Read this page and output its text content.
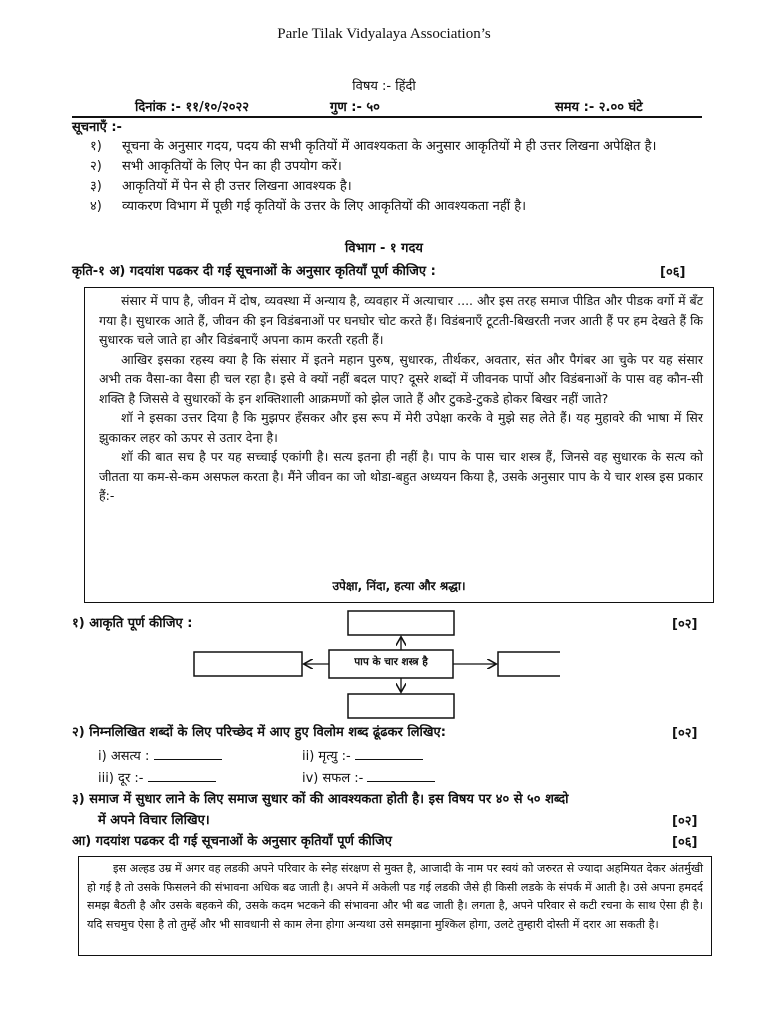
Parle Tilak Vidyalaya Association’s
विषय :- हिंदी
दिनांक :- ११/१०/२०२२	गुण :- ५०	समय :- २.०० घंटे
सूचनाएँ :-
१)	सूचना के अनुसार गदय, पदय की सभी कृतियों में आवश्यकता के अनुसार आकृतियों मे ही उत्तर लिखना अपेक्षित है।
२)	सभी आकृतियों के लिए पेन का ही उपयोग करें।
३)	आकृतियों में पेन से ही उत्तर लिखना आवश्यक है।
४)	व्याकरण विभाग में पूछी गई कृतियों के उत्तर के लिए आकृतियों की आवश्यकता नहीं है।
विभाग - १ गदय
कृति-१ अ) गदयांश पढकर दी गई सूचनाओं के अनुसार कृतियाँ पूर्ण कीजिए :	[०६]

संसार में पाप है, जीवन में दोष, व्यवस्था में अन्याय है, व्यवहार में अत्याचार .... और इस तरह समाज पीडित और पीडक वर्गो में बँट गया है। सुधारक आते हैं, जीवन की इन विडंबनाओं पर घनघोर चोट करते हैं। विडंबनाएँ टूटती-बिखरती नजर आती हैं पर हम देखते हैं कि सुधारक चले जाते हा और विडंबनाएँ अपना काम करती रहती हैं।

आखिर इसका रहस्य क्या है कि संसार में इतने महान पुरुष, सुधारक, तीर्थकर, अवतार, संत और पैगंबर आ चुके पर यह संसार अभी तक वैसा-का वैसा ही चल रहा है। इसे वे क्यों नहीं बदल पाए? दूसरे शब्दों में जीवनक पापों और विडंबनाओं के पास वह कौन-सी शक्ति है जिससे वे सुधारकों के इन शक्तिशाली आक्रमणों को झेल जाते हैं और टुकडे-टुकडे होकर बिखर नहीं जाते?

शॉ ने इसका उत्तर दिया है कि मुझपर हँसकर और इस रूप में मेरी उपेक्षा करके वे मुझे सह लेते हैं। यह मुहावरे की भाषा में सिर झुकाकर लहर को ऊपर से उतार देना है।

शॉ की बात सच है पर यह सच्चाई एकांगी है। सत्य इतना ही नहीं है। पाप के पास चार शस्त्र हैं, जिनसे वह सुधारक के सत्य को जीतता या कम-से-कम असफल करता है। मैंने जीवन का जो थोडा-बहुत अध्ययन किया है, उसके अनुसार पाप के ये चार शस्त्र इस प्रकार हैं:-

उपेक्षा, निंदा, हत्या और श्रद्धा।
१) आकृति पूर्ण कीजिए :	[०२]
पाप के चार शस्त्र है
२) निम्नलिखित शब्दों के लिए परिच्छेद में आए हुए विलोम शब्द ढूंढकर लिखिए:	[०२]
i) असत्य :	ii) मृत्यु :-
iii) दूर :-	iv) सफल :-
३) समाज में सुधार लाने के लिए समाज सुधार कों की आवश्यकता होती है। इस विषय पर ४० से ५० शब्दो
में अपने विचार लिखिए।	[०२]
आ) गदयांश पढकर दी गई सूचनाओं के अनुसार कृतियाँ पूर्ण कीजिए	[०६]
इस अल्हड उम्र में अगर वह लडकी अपने परिवार के स्नेह संरक्षण से मुक्त है, आजादी के नाम पर स्वयं को जरुरत से ज्यादा अहमियत देकर अंतर्मुखी हो गई है तो उसके फिसलने की संभावना अधिक बढ जाती है। अपने में अकेली पड गई लडकी जैसे ही किसी लडके के संपर्क में आती है। उसे अपना हमदर्द समझ बैठती है और उसके बहकने की, उसके कदम भटकने की संभावना और भी बढ जाती है। लगता है, अपने परिवार से कटी रचना के साथ ऐसा ही है।यदि सचमुच ऐसा है तो तुम्हें और भी सावधानी से काम लेना होगा अन्यथा उसे समझाना मुश्किल होगा, उलटे तुम्हारी दोस्ती में दरार आ सकती है।
